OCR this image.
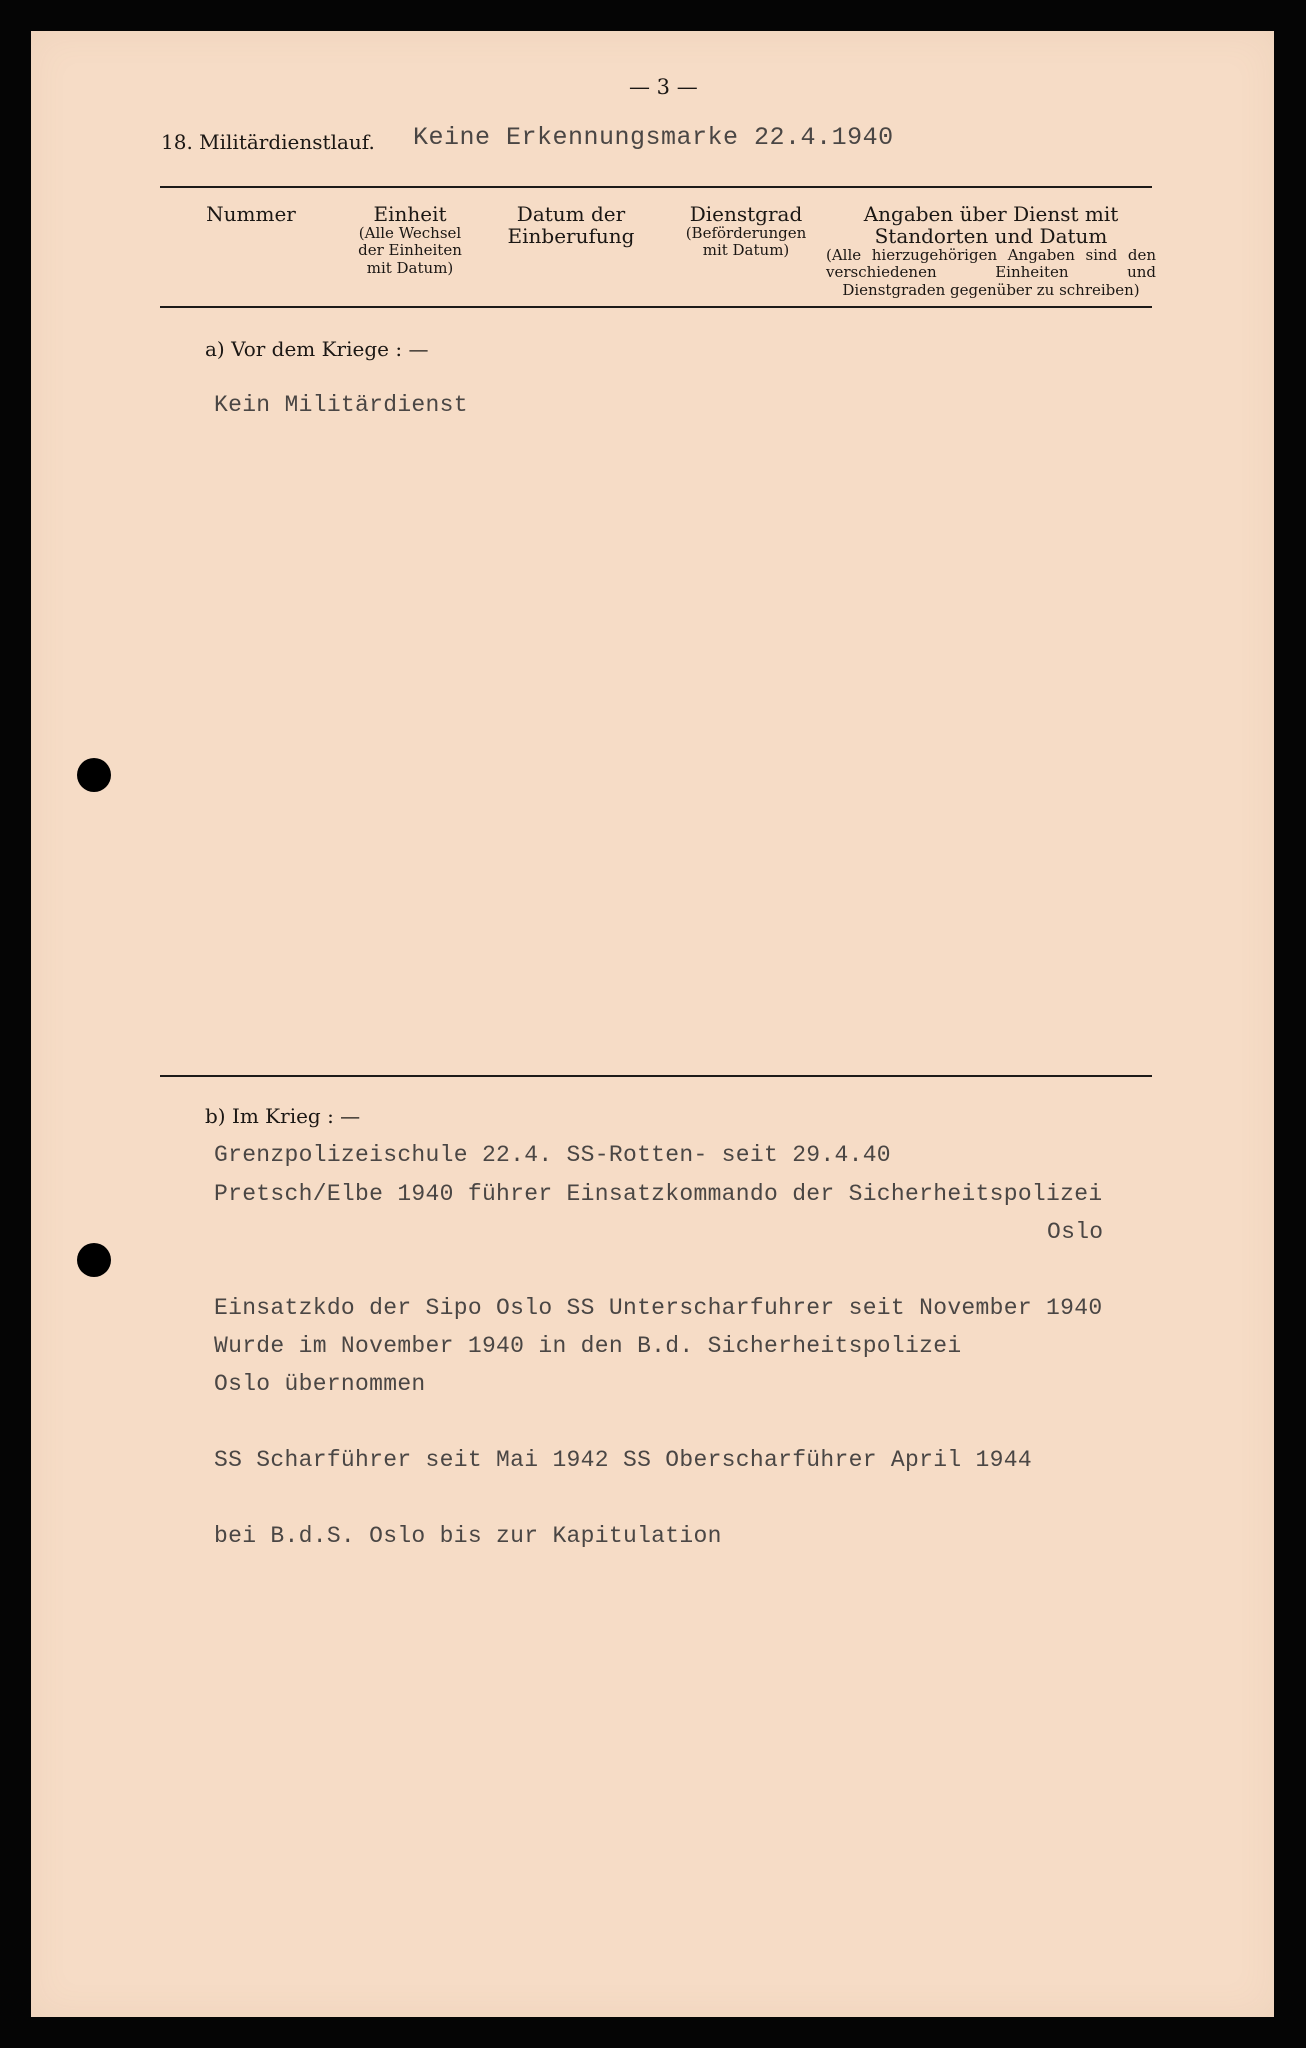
— 3 —
18. Militärdienstlauf. Keine Erkennungsmarke 22.4.1940
Nummer	Einheit
(Alle Wechsel der Einheiten mit Datum)
Datum der Einberufung
Dienstgrad
(Beförderungen mit Datum)
Angaben über Dienst mit Standorten und Datum
(Alle hierzugehörigen Angaben sind den verschiedenen Einheiten und Dienstgraden gegenüber zu schreiben)
a) Vor dem Kriege : —
Kein Militärdienst
b) Im Krieg : —
Grenzpolizeischule 22.4. SS-Rotten- seit 29.4.40
Pretsch/Elbe 1940 führer Einsatzkommando der Sicherheitspolizei
Oslo
Einsatzkdo der Sipo Oslo SS Unterscharfuhrer seit November 1940
Wurde im November 1940 in den B.d. Sicherheitspolizei
Oslo übernommen
SS Scharführer seit Mai 1942 SS Oberscharführer April 1944
bei B.d.S. Oslo bis zur Kapitulation
